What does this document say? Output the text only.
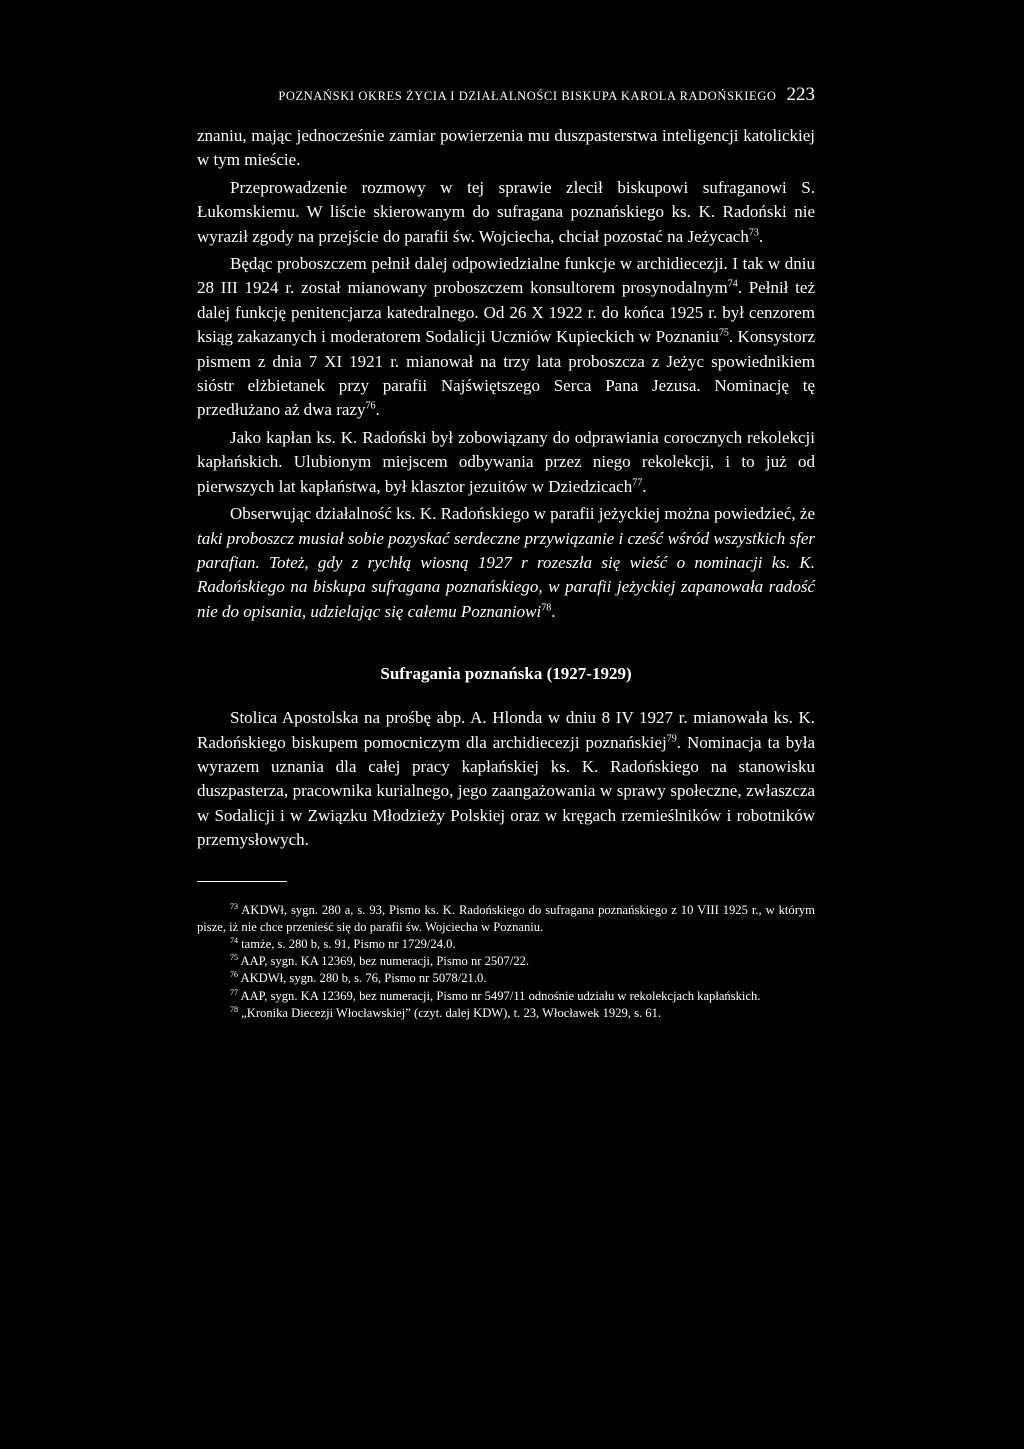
POZNAŃSKI OKRES ŻYCIA I DZIAŁALNOŚCI BISKUPA KAROLA RADOŃSKIEGO 223

znaniu, mając jednocześnie zamiar powierzenia mu duszpasterstwa inteligencji katolickiej w tym mieście.

Przeprowadzenie rozmowy w tej sprawie zlecił biskupowi sufraganowi S. Łukomskiemu. W liście skierowanym do sufragana poznańskiego ks. K. Radoński nie wyraził zgody na przejście do parafii św. Wojciecha, chciał pozostać na Jeżycach$^{73}$.

Będąc proboszczem pełnił dalej odpowiedzialne funkcje w archidiecezji. I tak w dniu 28 III 1924 r. został mianowany proboszczem konsultorem prosynodalnym$^{74}$. Pełnił też dalej funkcję penitencjarza katedralnego. Od 26 X 1922 r. do końca 1925 r. był cenzorem ksiąg zakazanych i moderatorem Sodalicji Uczniów Kupieckich w Poznaniu$^{75}$. Konsystorz pismem z dnia 7 XI 1921 r. mianował na trzy lata proboszcza z Jeżyc spowiednikiem sióstr elżbietanek przy parafii Najświętszego Serca Pana Jezusa. Nominację tę przedłużano aż dwa razy$^{76}$.

Jako kapłan ks. K. Radoński był zobowiązany do odprawiania corocznych rekolekcji kapłańskich. Ulubionym miejscem odbywania przez niego rekolekcji, i to już od pierwszych lat kapłaństwa, był klasztor jezuitów w Dziedzicach$^{77}$.

Obserwując działalność ks. K. Radońskiego w parafii jeżyckiej można powiedzieć, że taki proboszcz musiał sobie pozyskać serdeczne przywiązanie i cześć wśród wszystkich sfer parafian. Toteż, gdy z rychłą wiosną 1927 r rozeszła się wieść o nominacji ks. K. Radońskiego na biskupa sufragana poznańskiego, w parafii jeżyckiej zapanowała radość nie do opisania, udzielając się całemu Poznaniowi$^{78}$.

Sufragania poznańska (1927-1929)

Stolica Apostolska na prośbę abp. A. Hlonda w dniu 8 IV 1927 r. mianowała ks. K. Radońskiego biskupem pomocniczym dla archidiecezji poznańskiej$^{79}$. Nominacja ta była wyrazem uznania dla całej pracy kapłańskiej ks. K. Radońskiego na stanowisku duszpasterza, pracownika kurialnego, jego zaangażowania w sprawy społeczne, zwłaszcza w Sodalicji i w Związku Młodzieży Polskiej oraz w kręgach rzemieślników i robotników przemysłowych.

$^{73}$ AKDWł, sygn. 280 a, s. 93, Pismo ks. K. Radońskiego do sufragana poznańskiego z 10 VIII 1925 r., w którym pisze, iż nie chce przenieść się do parafii św. Wojciecha w Poznaniu.

$^{74}$ tamże, s. 280 b, s. 91, Pismo nr 1729/24.0.

$^{75}$ AAP, sygn. KA 12369, bez numeracji, Pismo nr 2507/22.

$^{76}$ AKDWł, sygn. 280 b, s. 76, Pismo nr 5078/21.0.

$^{77}$ AAP, sygn. KA 12369, bez numeracji, Pismo nr 5497/11 odnośnie udziału w rekolekcjach kapłańskich.

$^{78}$ „Kronika Diecezji Włocławskiej” (czyt. dalej KDW), t. 23, Włocławek 1929, s. 61.
